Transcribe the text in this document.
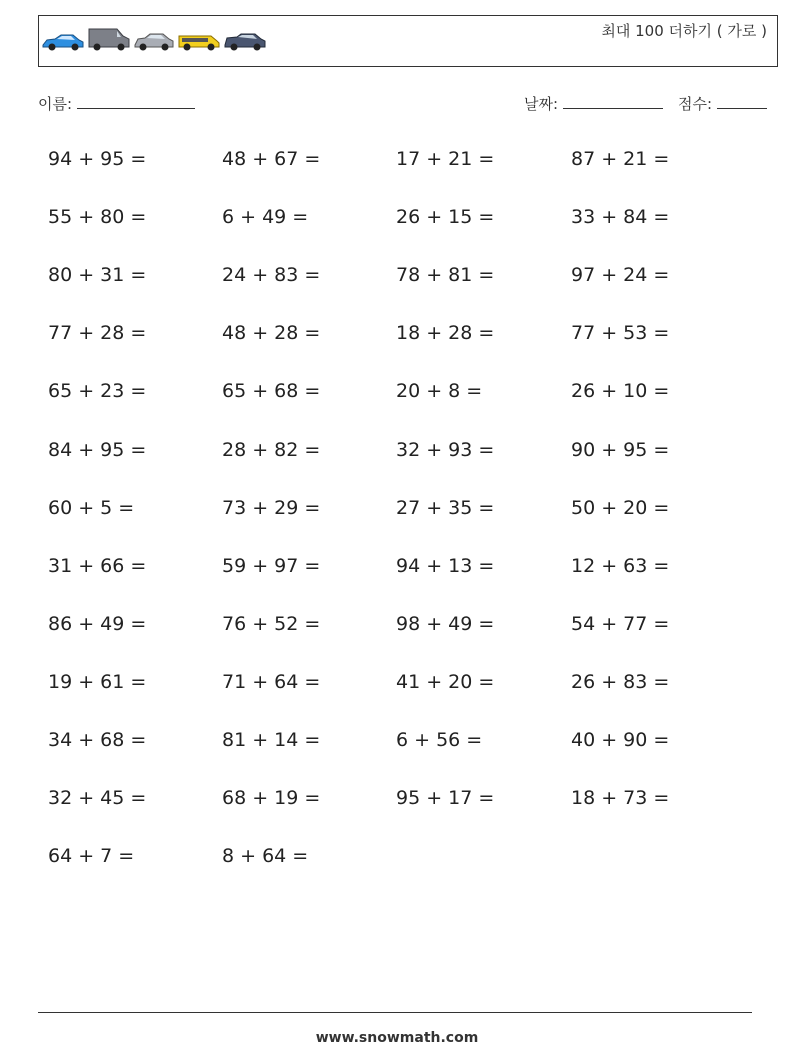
최대 100 더하기 ( 가로 )
이름:	날짜:	점수:
94 + 95 =	48 + 67 =	17 + 21 =	87 + 21 =
55 + 80 =	6 + 49 =	26 + 15 =	33 + 84 =
80 + 31 =	24 + 83 =	78 + 81 =	97 + 24 =
77 + 28 =	48 + 28 =	18 + 28 =	77 + 53 =
65 + 23 =	65 + 68 =	20 + 8 =	26 + 10 =
84 + 95 =	28 + 82 =	32 + 93 =	90 + 95 =
60 + 5 =	73 + 29 =	27 + 35 =	50 + 20 =
31 + 66 =	59 + 97 =	94 + 13 =	12 + 63 =
86 + 49 =	76 + 52 =	98 + 49 =	54 + 77 =
19 + 61 =	71 + 64 =	41 + 20 =	26 + 83 =
34 + 68 =	81 + 14 =	6 + 56 =	40 + 90 =
32 + 45 =	68 + 19 =	95 + 17 =	18 + 73 =
64 + 7 =	8 + 64 =
www.snowmath.com
